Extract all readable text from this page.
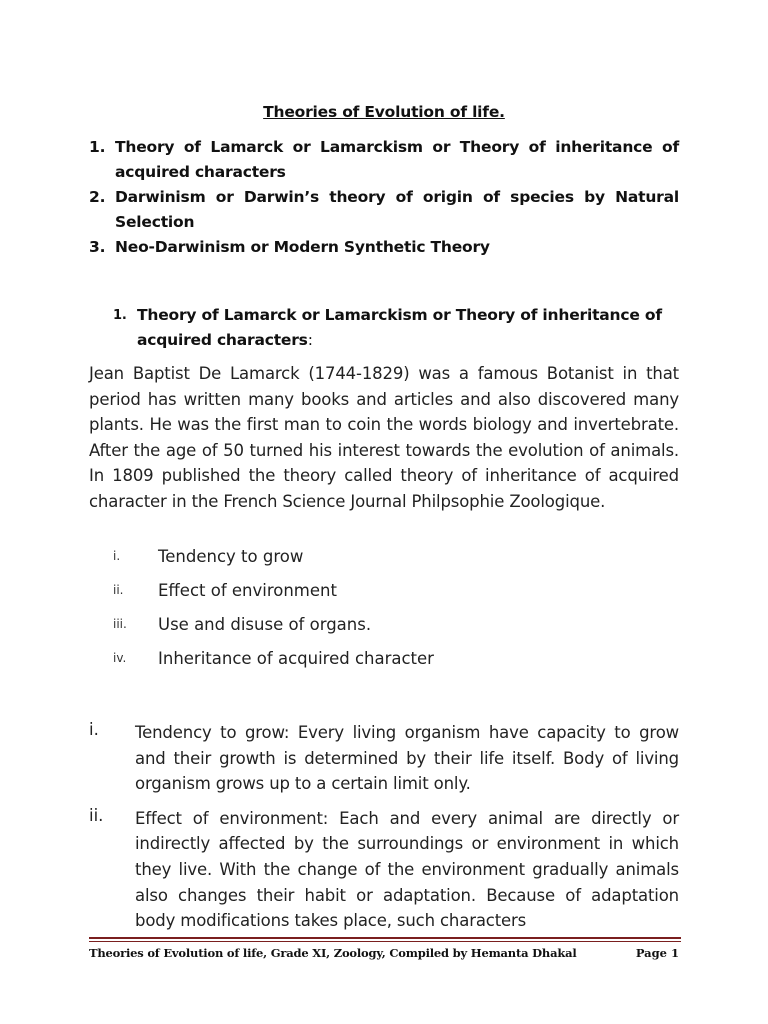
Theories of Evolution of life.
1. Theory of Lamarck or Lamarckism or Theory of inheritance of acquired characters
2. Darwinism or Darwin’s theory of origin of species by Natural Selection
3. Neo-Darwinism or Modern Synthetic Theory
1. Theory of Lamarck or Lamarckism or Theory of inheritance of acquired characters:
Jean Baptist De Lamarck (1744-1829) was a famous Botanist in that period has written many books and articles and also discovered many plants. He was the first man to coin the words biology and invertebrate. After the age of 50 turned his interest towards the evolution of animals. In 1809 published the theory called theory of inheritance of acquired character in the French Science Journal Philpsophie Zoologique.
i. Tendency to grow
ii. Effect of environment
iii. Use and disuse of organs.
iv. Inheritance of acquired character
i.	Tendency to grow: Every living organism have capacity to grow and their growth is determined by their life itself. Body of living organism grows up to a certain limit only.
ii.	Effect of environment: Each and every animal are directly or indirectly affected by the surroundings or environment in which they live. With the change of the environment gradually animals also changes their habit or adaptation. Because of adaptation body modifications takes place, such characters
Theories of Evolution of life, Grade XI, Zoology, Compiled by Hemanta Dhakal	Page 1
